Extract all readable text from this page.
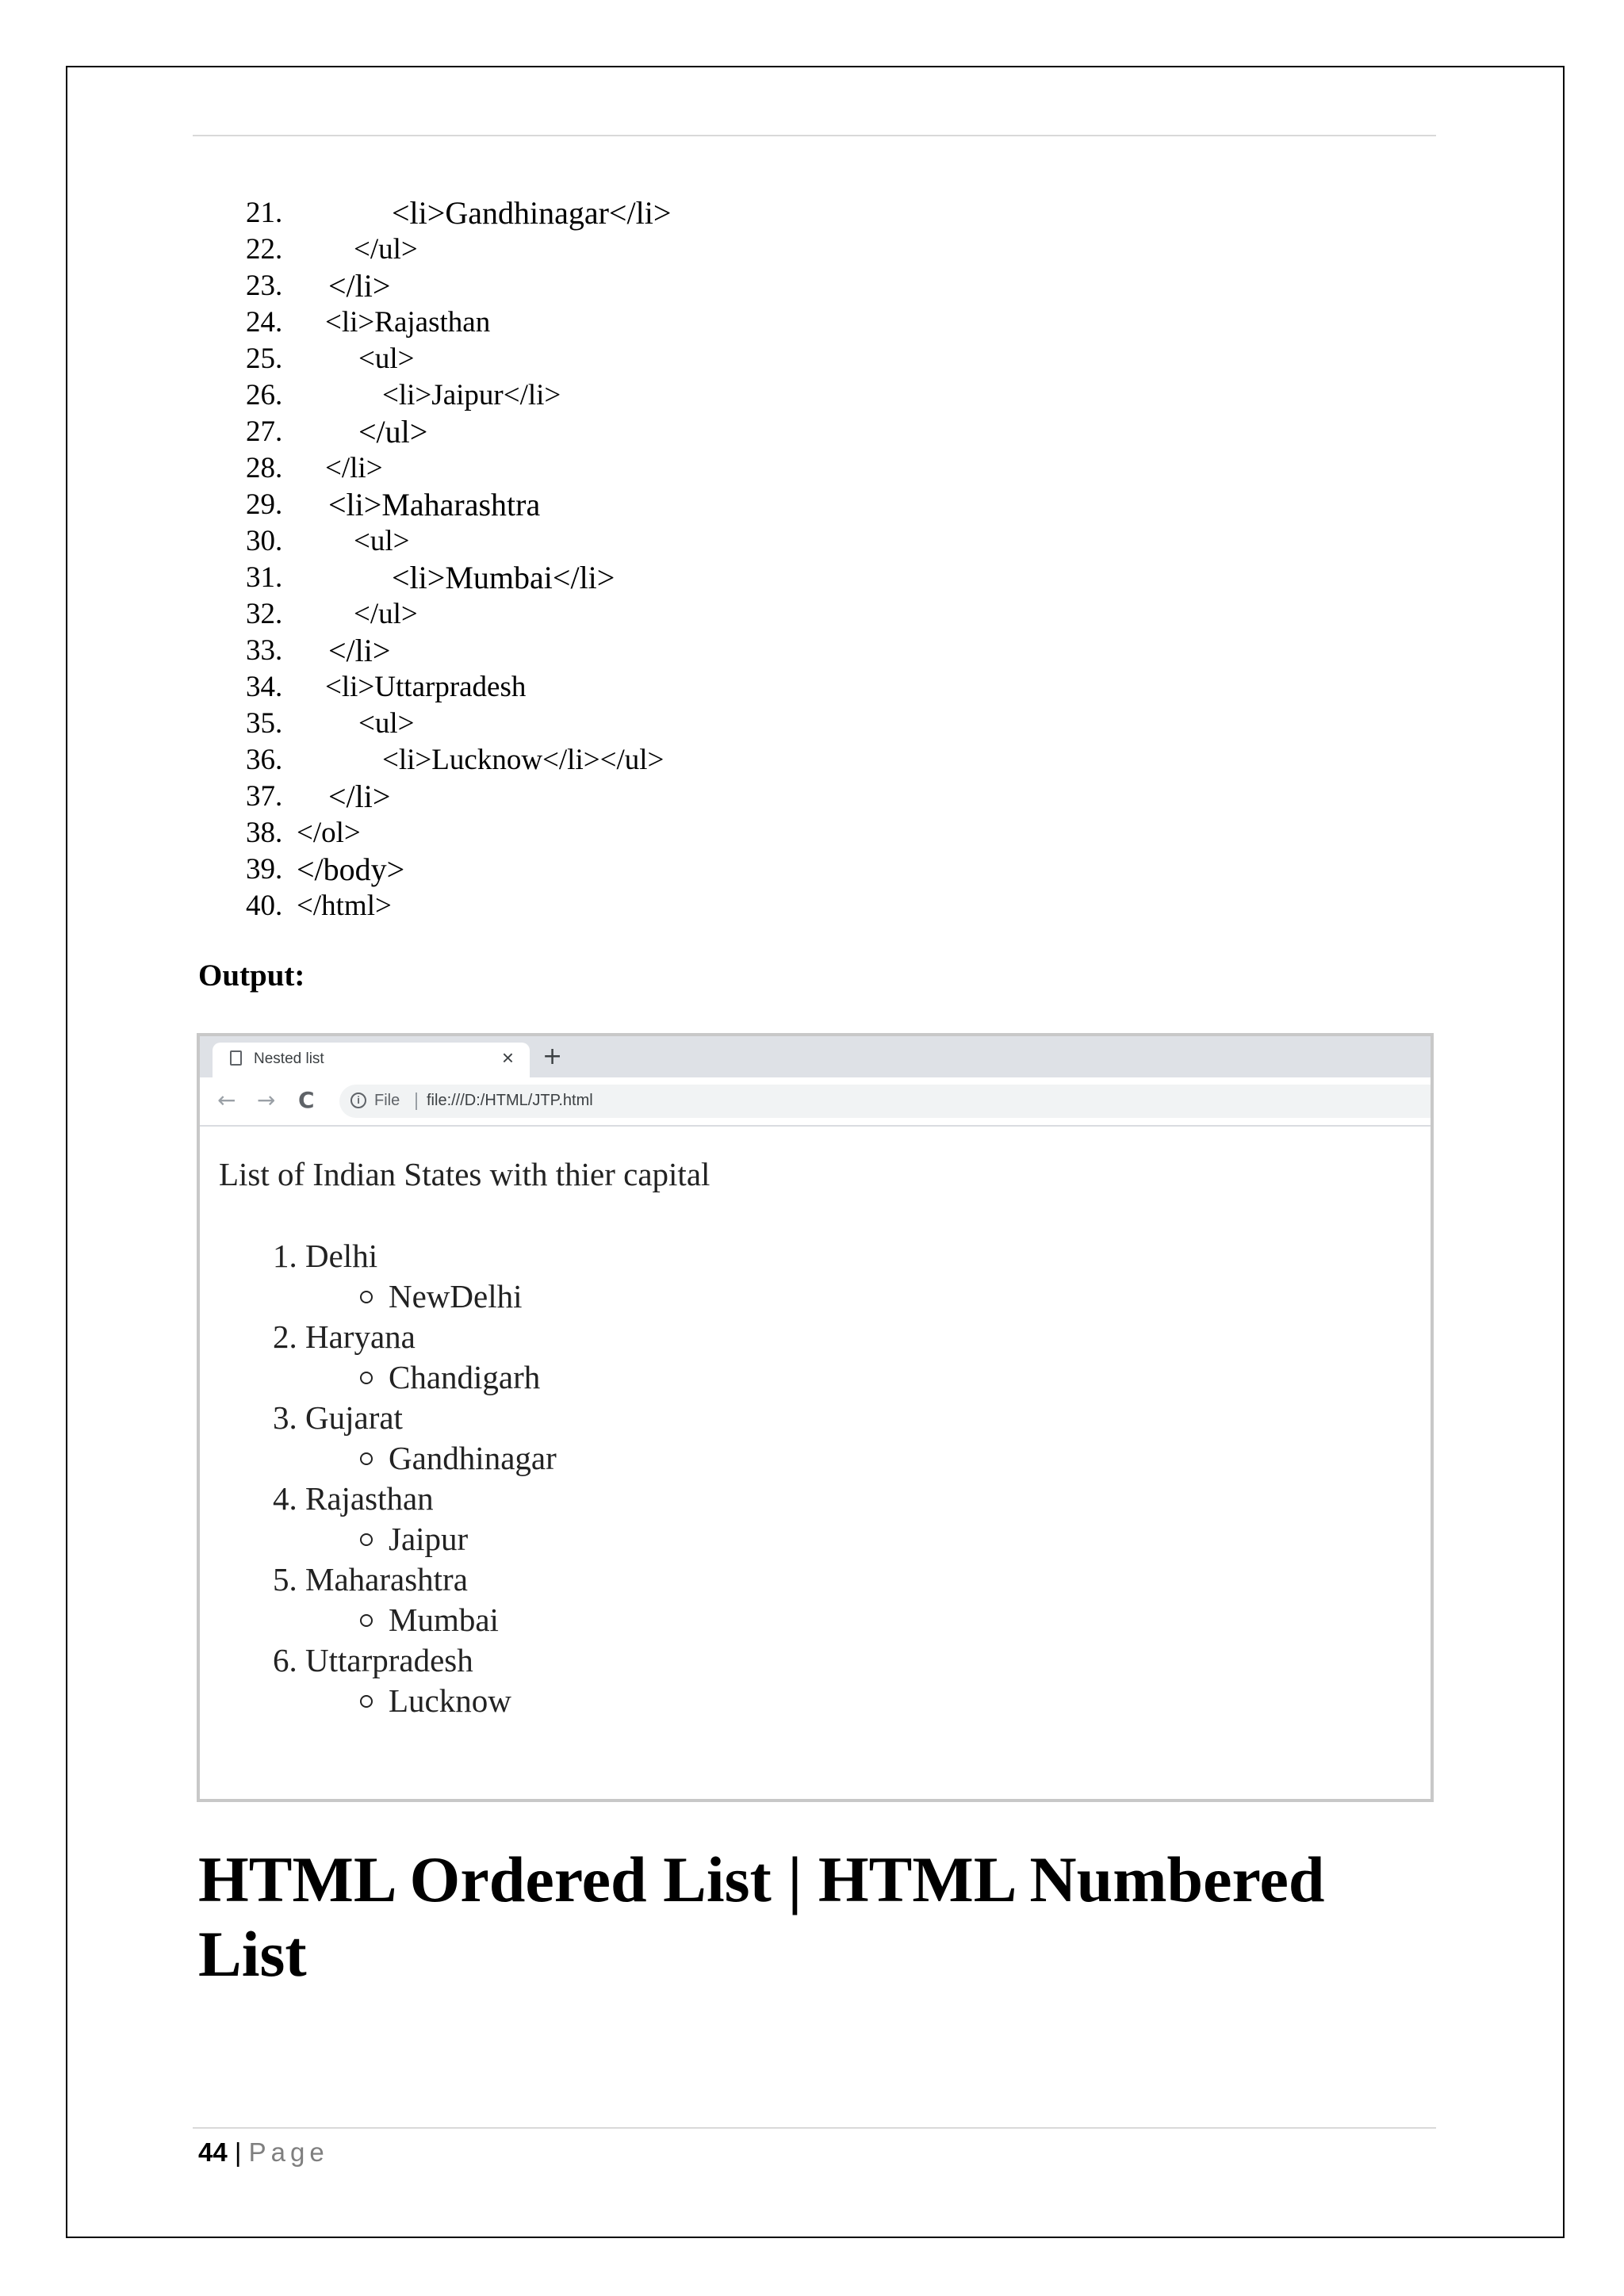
21.	<li>Gandhinagar</li>
22. </ul>
23. </li>
24. <li>Rajasthan
25.	<ul>
26.	<li>Jaipur</li>
27. </ul>
28. </li>
29. <li>Maharashtra
30. <ul>
31.	<li>Mumbai</li>
32. </ul>
33. </li>
34. <li>Uttarpradesh
35.	<ul>
36.	<li>Lucknow</li></ul>
37. </li>
38. </ol>
39. </body>
40. </html>
Output:
Nested list	× +
← → C	i File file:///D:/HTML/JTP.html
List of Indian States with thier capital
1. Delhi
NewDelhi
2. Haryana
Chandigarh
3. Gujarat
Gandhinagar
4. Rajasthan
Jaipur
5. Maharashtra
Mumbai
6. Uttarpradesh
Lucknow
HTML Ordered List | HTML Numbered List
44 | Page
